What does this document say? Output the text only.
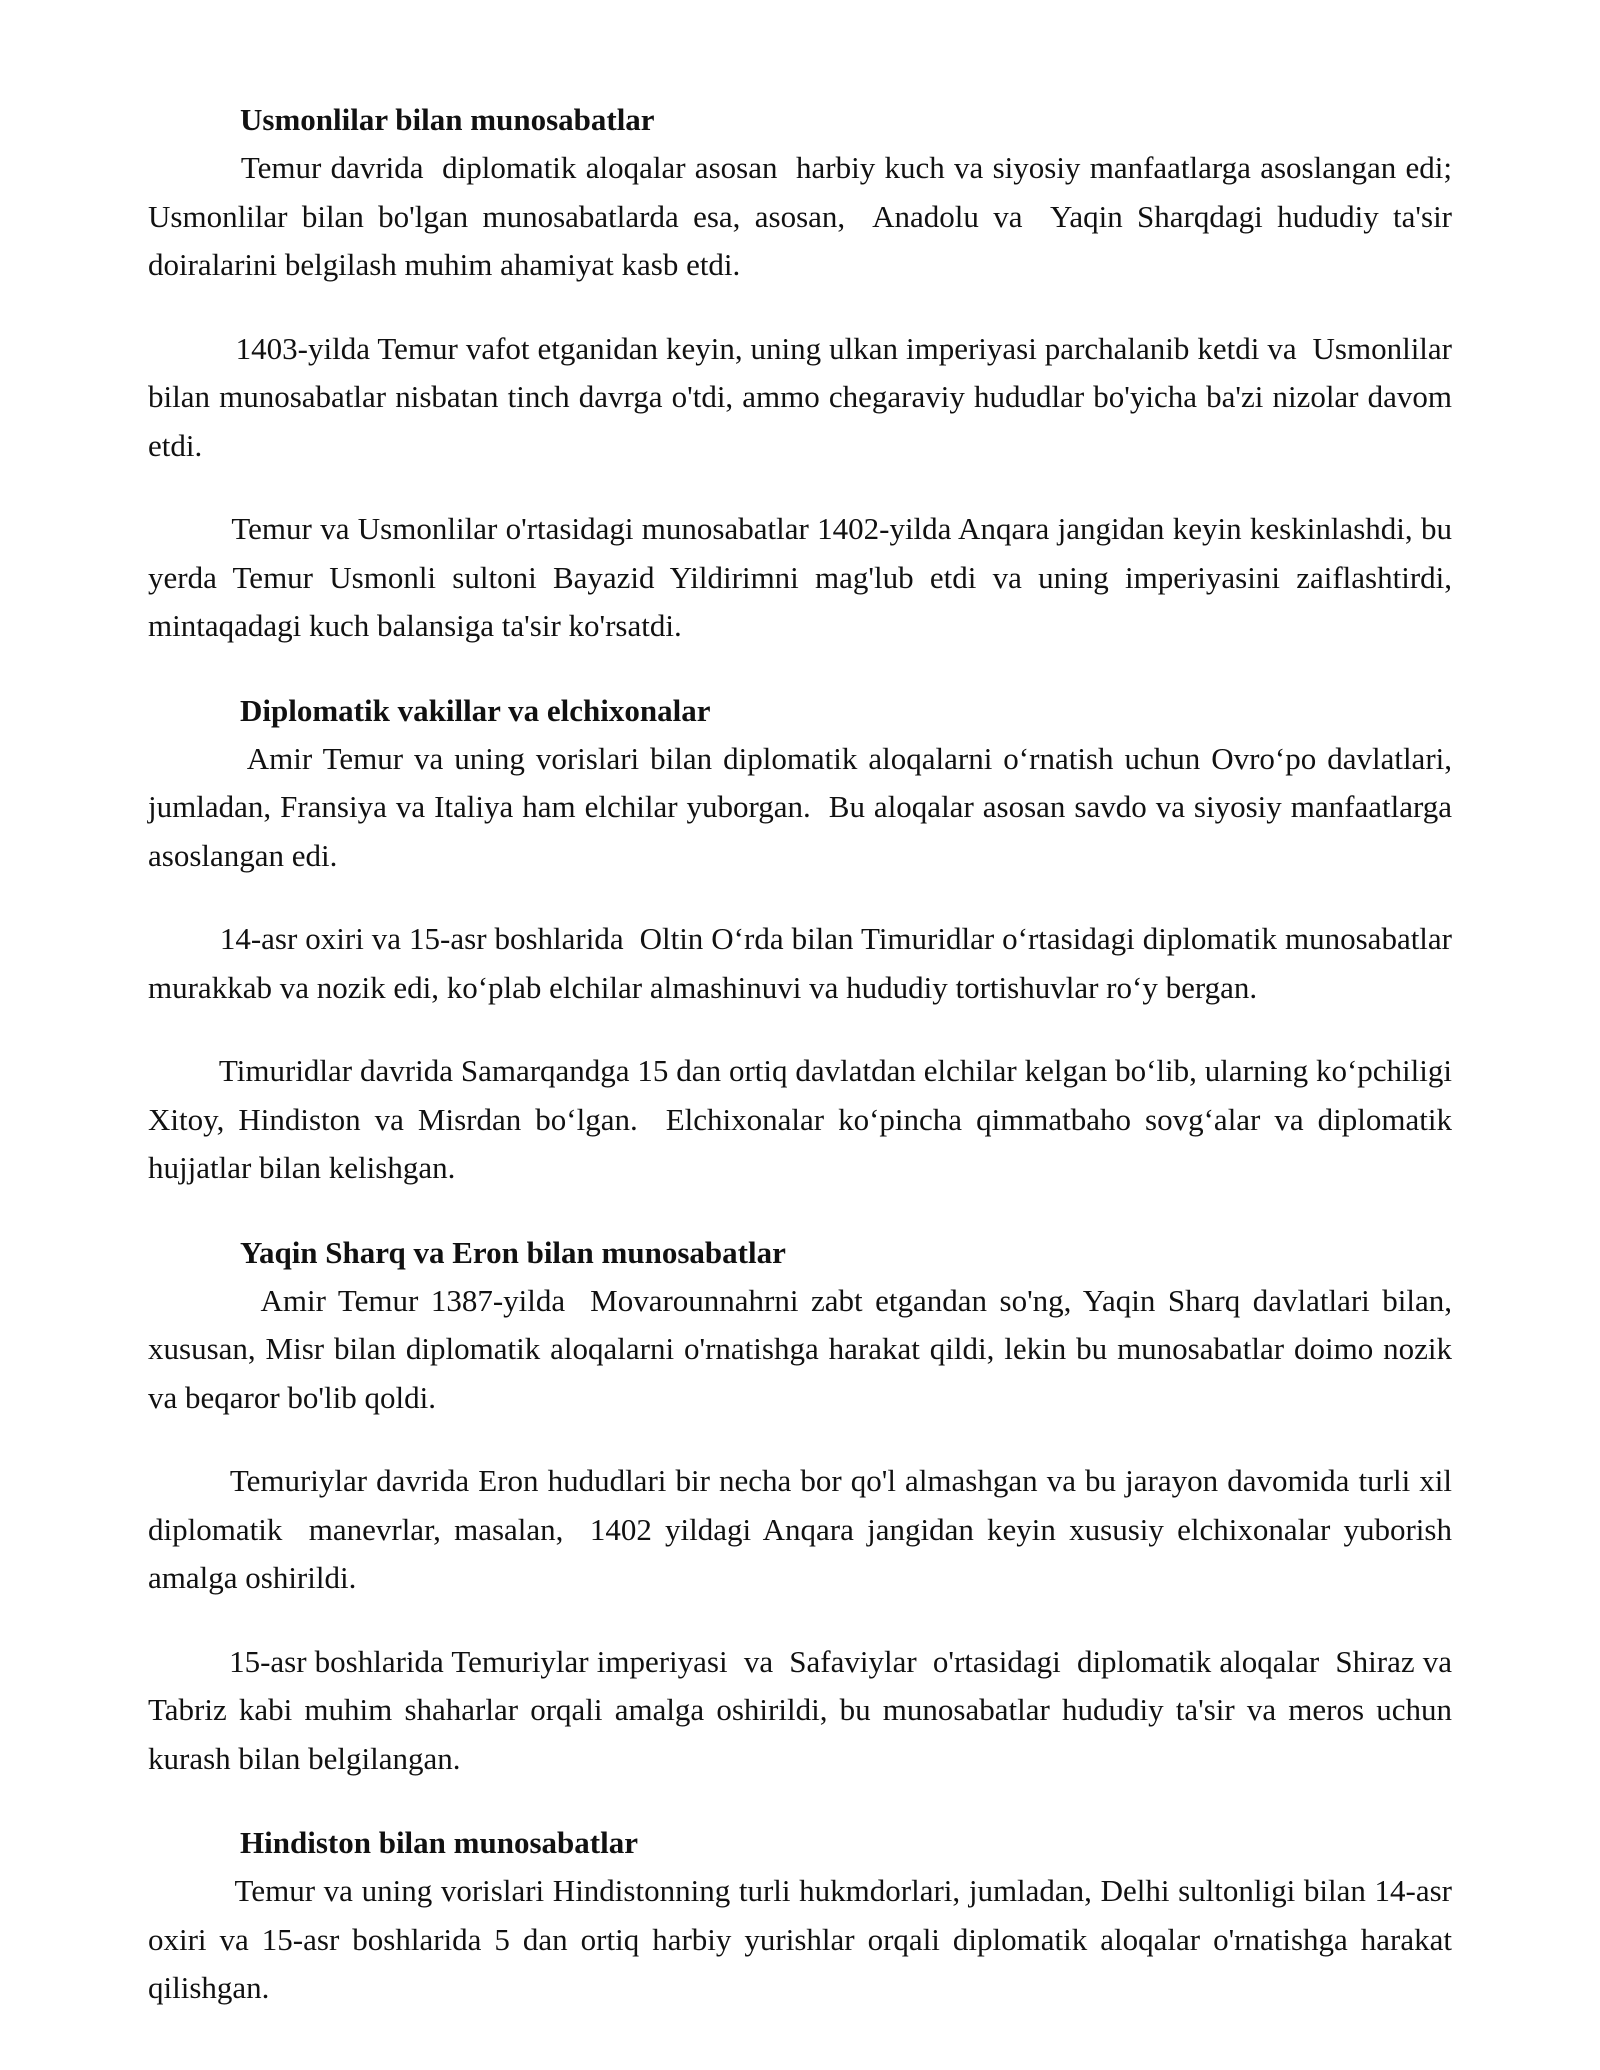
Usmonlilar bilan munosabatlar

Temur davrida  diplomatik aloqalar asosan  harbiy kuch va siyosiy manfaatlarga asoslangan edi;  Usmonlilar bilan bo'lgan munosabatlarda esa, asosan,  Anadolu va  Yaqin Sharqdagi hududiy ta'sir doiralarini belgilash muhim ahamiyat kasb etdi.

1403-yilda Temur vafot etganidan keyin, uning ulkan imperiyasi parchalanib ketdi va  Usmonlilar bilan munosabatlar nisbatan tinch davrga o'tdi, ammo chegaraviy hududlar bo'yicha ba'zi nizolar davom etdi.

Temur va Usmonlilar o'rtasidagi munosabatlar 1402-yilda Anqara jangidan keyin keskinlashdi, bu yerda Temur Usmonli sultoni Bayazid Yildirimni mag'lub etdi va uning imperiyasini zaiflashtirdi, mintaqadagi kuch balansiga ta'sir ko'rsatdi.

Diplomatik vakillar va elchixonalar

Amir Temur va uning vorislari bilan diplomatik aloqalarni o‘rnatish uchun Ovro‘po davlatlari, jumladan, Fransiya va Italiya ham elchilar yuborgan.  Bu aloqalar asosan savdo va siyosiy manfaatlarga asoslangan edi.

14-asr oxiri va 15-asr boshlarida  Oltin O‘rda bilan Timuridlar o‘rtasidagi diplomatik munosabatlar murakkab va nozik edi, ko‘plab elchilar almashinuvi va hududiy tortishuvlar ro‘y bergan.

Timuridlar davrida Samarqandga 15 dan ortiq davlatdan elchilar kelgan bo‘lib, ularning ko‘pchiligi Xitoy, Hindiston va Misrdan bo‘lgan.  Elchixonalar ko‘pincha qimmatbaho sovg‘alar va diplomatik hujjatlar bilan kelishgan.

Yaqin Sharq va Eron bilan munosabatlar

Amir Temur 1387-yilda  Movarounnahrni zabt etgandan so'ng, Yaqin Sharq davlatlari bilan, xususan, Misr bilan diplomatik aloqalarni o'rnatishga harakat qildi, lekin bu munosabatlar doimo nozik va beqaror bo'lib qoldi.

Temuriylar davrida Eron hududlari bir necha bor qo'l almashgan va bu jarayon davomida turli xil  diplomatik  manevrlar, masalan,  1402 yildagi Anqara jangidan keyin xususiy elchixonalar yuborish amalga oshirildi.

15-asr boshlarida Temuriylar imperiyasi  va  Safaviylar  o'rtasidagi  diplomatik aloqalar  Shiraz va Tabriz kabi muhim shaharlar orqali amalga oshirildi, bu munosabatlar hududiy ta'sir va meros uchun kurash bilan belgilangan.

Hindiston bilan munosabatlar

Temur va uning vorislari Hindistonning turli hukmdorlari, jumladan, Delhi sultonligi bilan 14-asr oxiri va 15-asr boshlarida 5 dan ortiq harbiy yurishlar orqali diplomatik aloqalar o'rnatishga harakat qilishgan.
